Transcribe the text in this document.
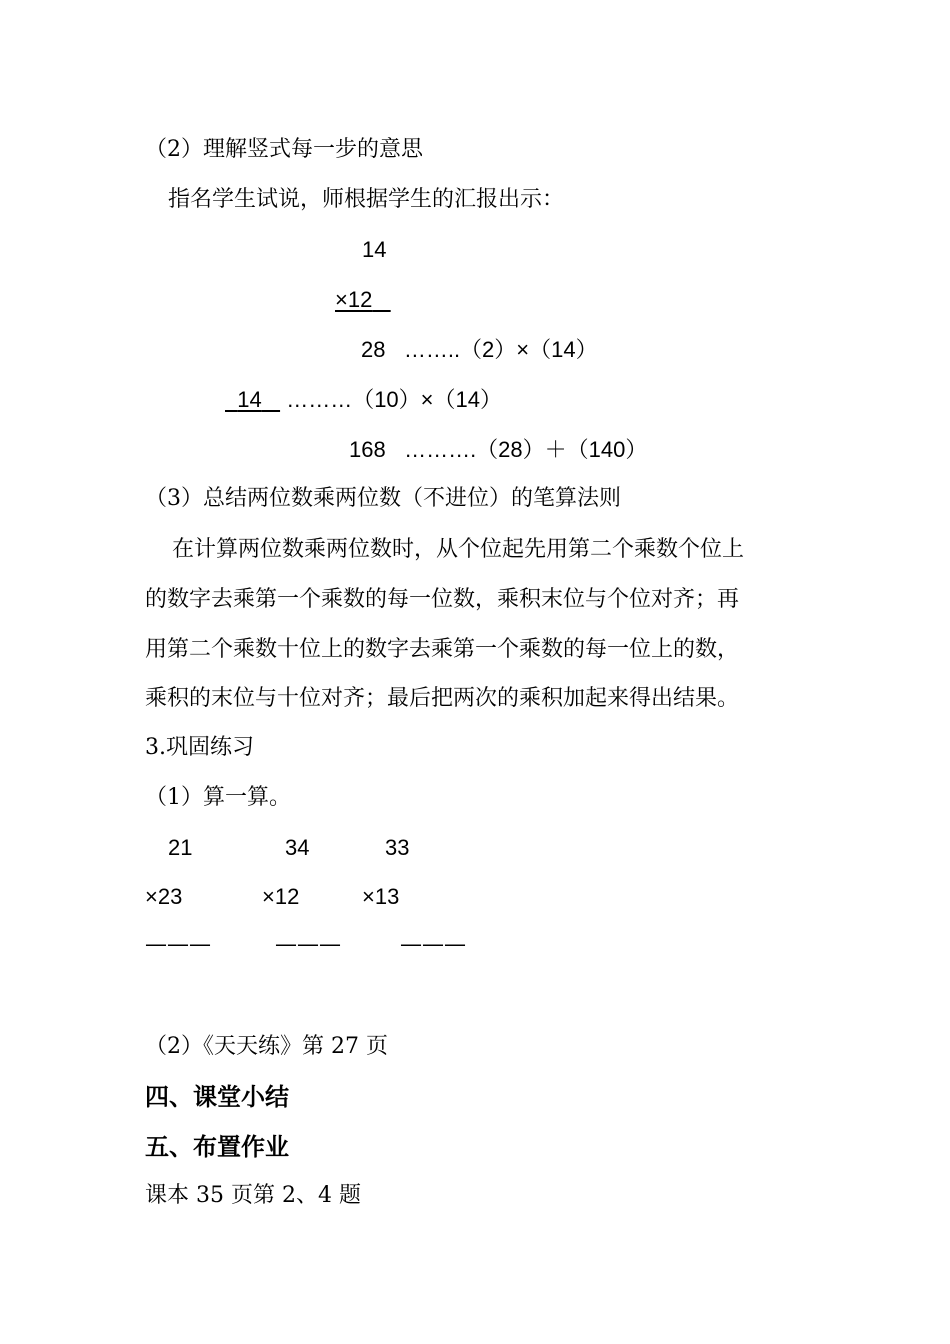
（2）理解竖式每一步的意思
指名学生试说，师根据学生的汇报出示：
14
×12
28 ……..（2）×（14）
14 ………（10）×（14）
168 ……….（28）＋（140）
（3）总结两位数乘两位数（不进位）的笔算法则
在计算两位数乘两位数时，从个位起先用第二个乘数个位上
的数字去乘第一个乘数的每一位数，乘积末位与个位对齐；再
用第二个乘数十位上的数字去乘第一个乘数的每一位上的数，
乘积的末位与十位对齐；最后把两次的乘积加起来得出结果。
3.巩固练习
（1）算一算。
21	34	33
×23	×12	×13
———	———	———
（2）《天天练》第 27 页
四、课堂小结
五、布置作业
课本 35 页第 2、4 题
